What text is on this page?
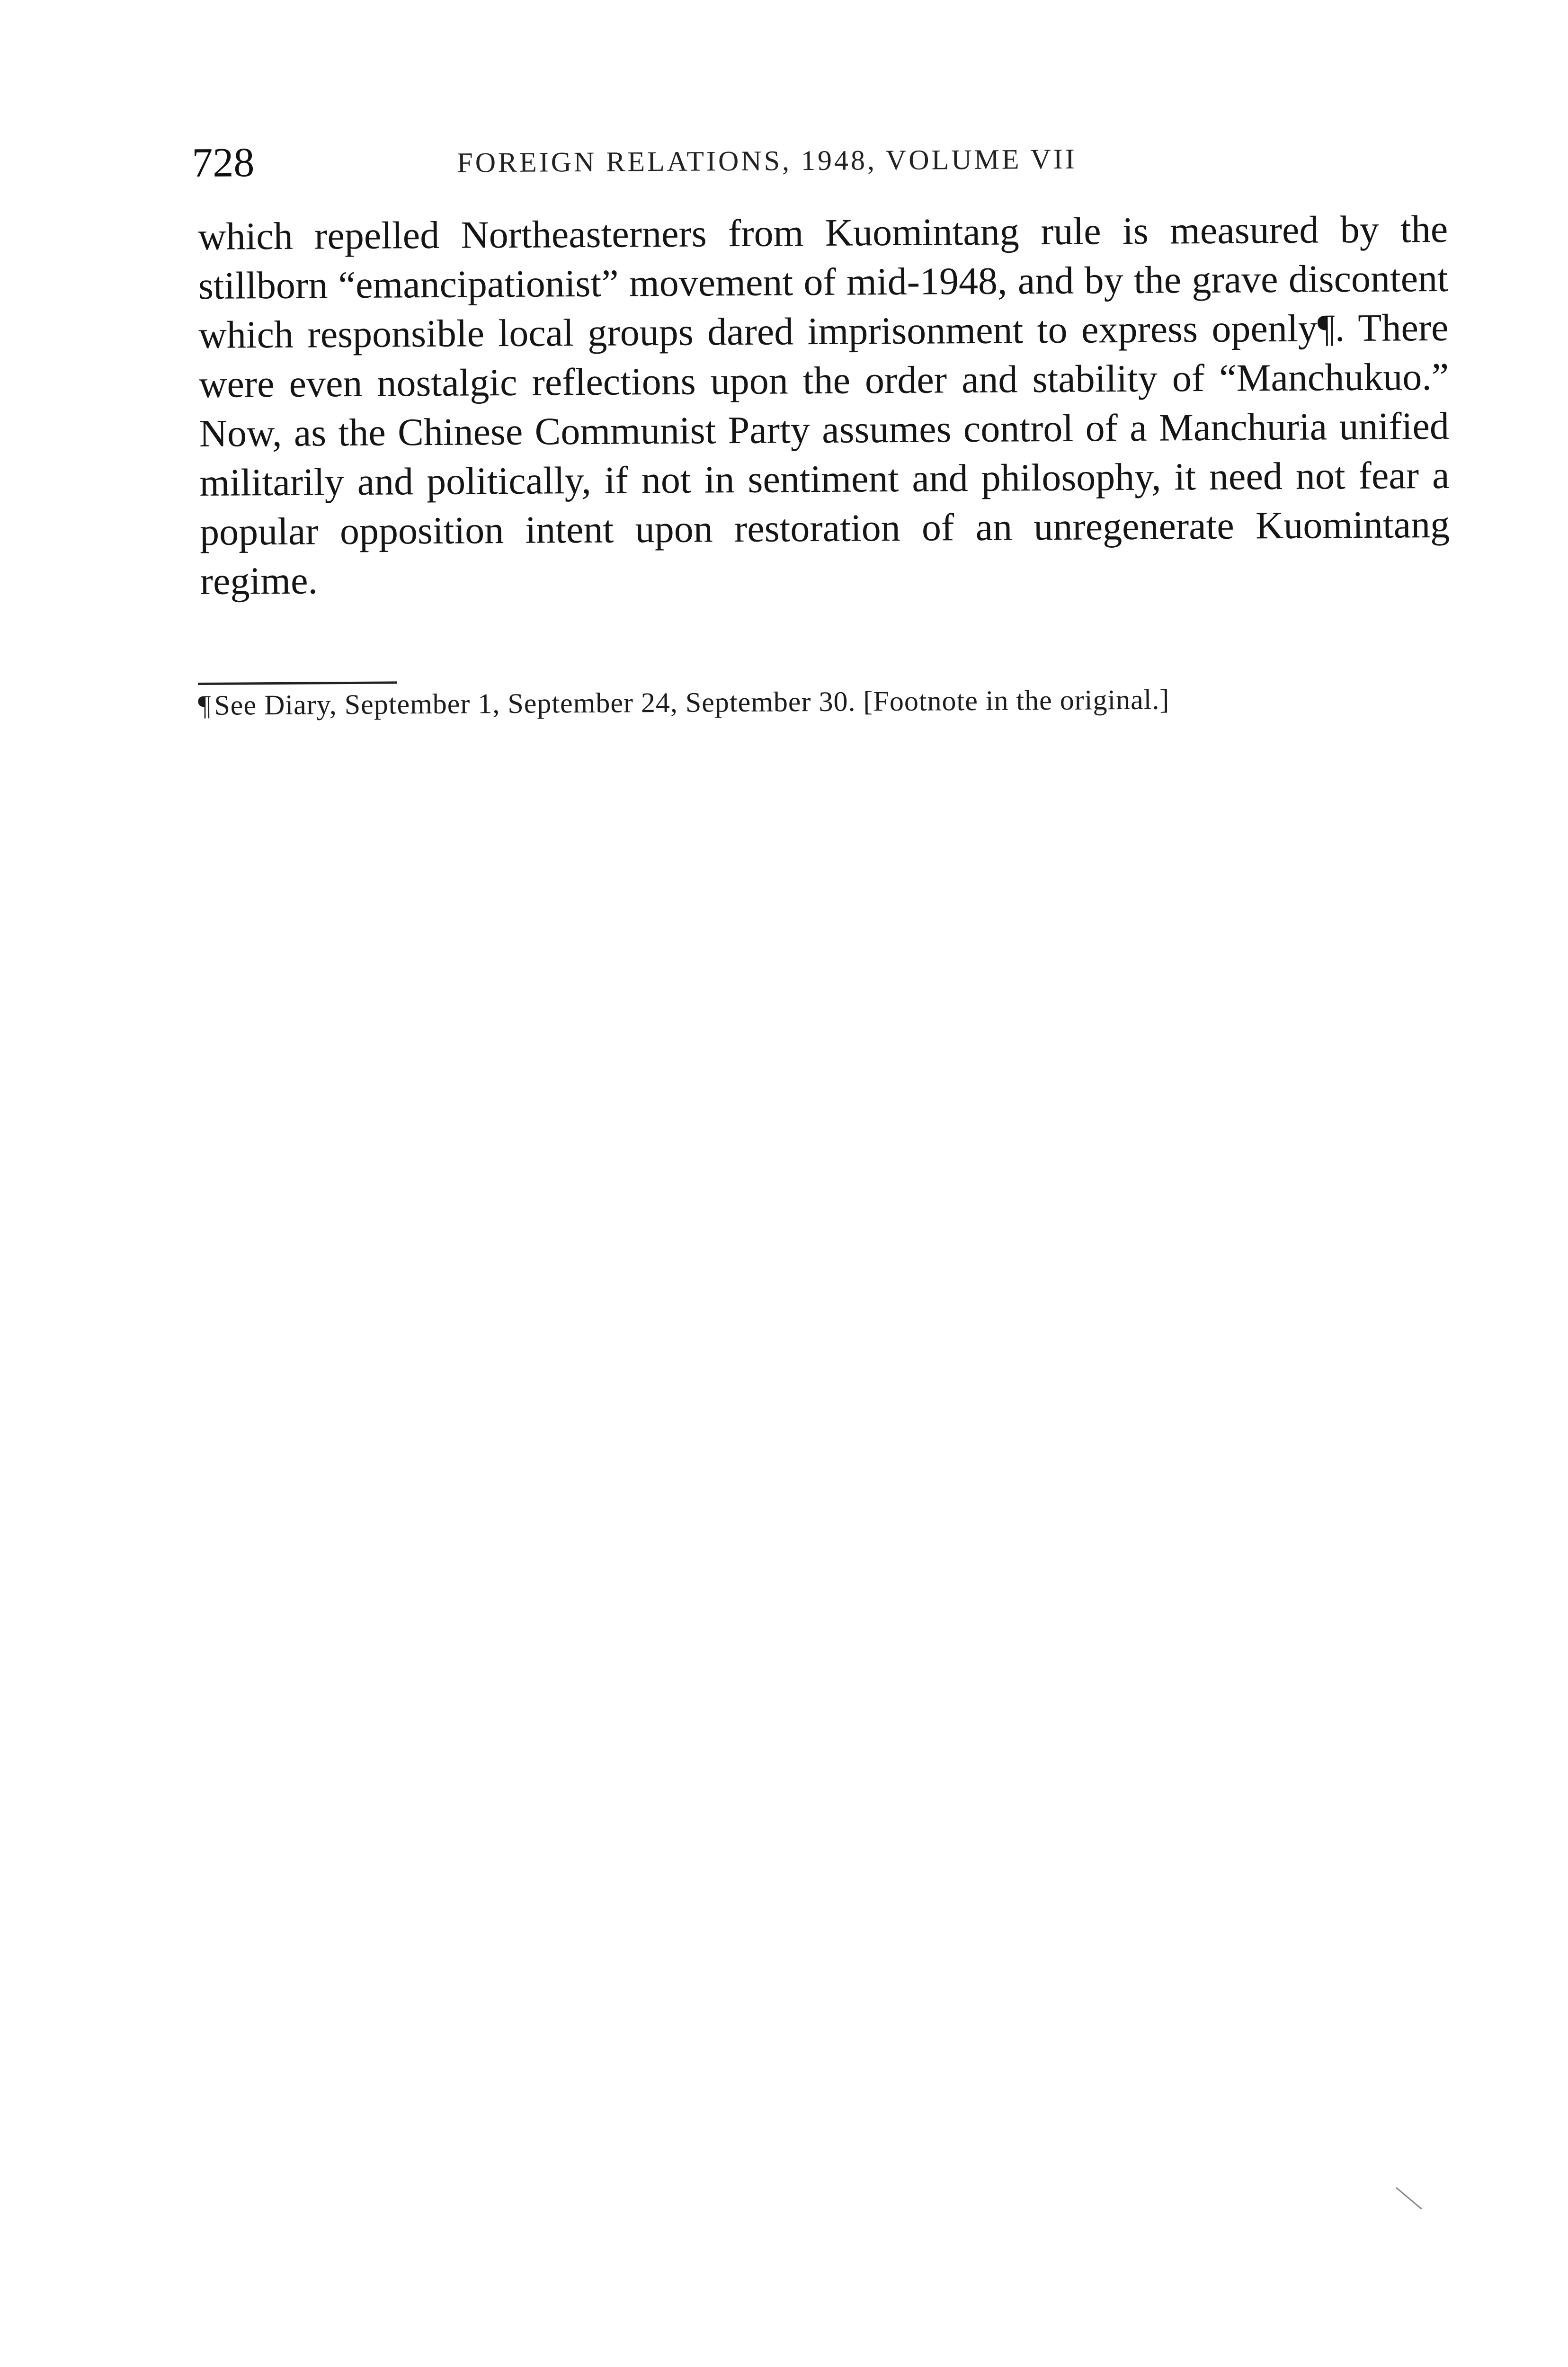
728	FOREIGN RELATIONS, 1948, VOLUME VII

which repelled Northeasterners from Kuomintang rule is measured by the stillborn “emancipationist” movement of mid-1948, and by the grave discontent which responsible local groups dared imprisonment to express openly¶. There were even nostalgic reflections upon the order and stability of “Manchukuo.” Now, as the Chinese Communist Party assumes control of a Manchuria unified militarily and politically, if not in sentiment and philosophy, it need not fear a popular opposition intent upon restoration of an unregenerate Kuomintang regime.

¶See Diary, September 1, September 24, September 30. [Footnote in the original.]
